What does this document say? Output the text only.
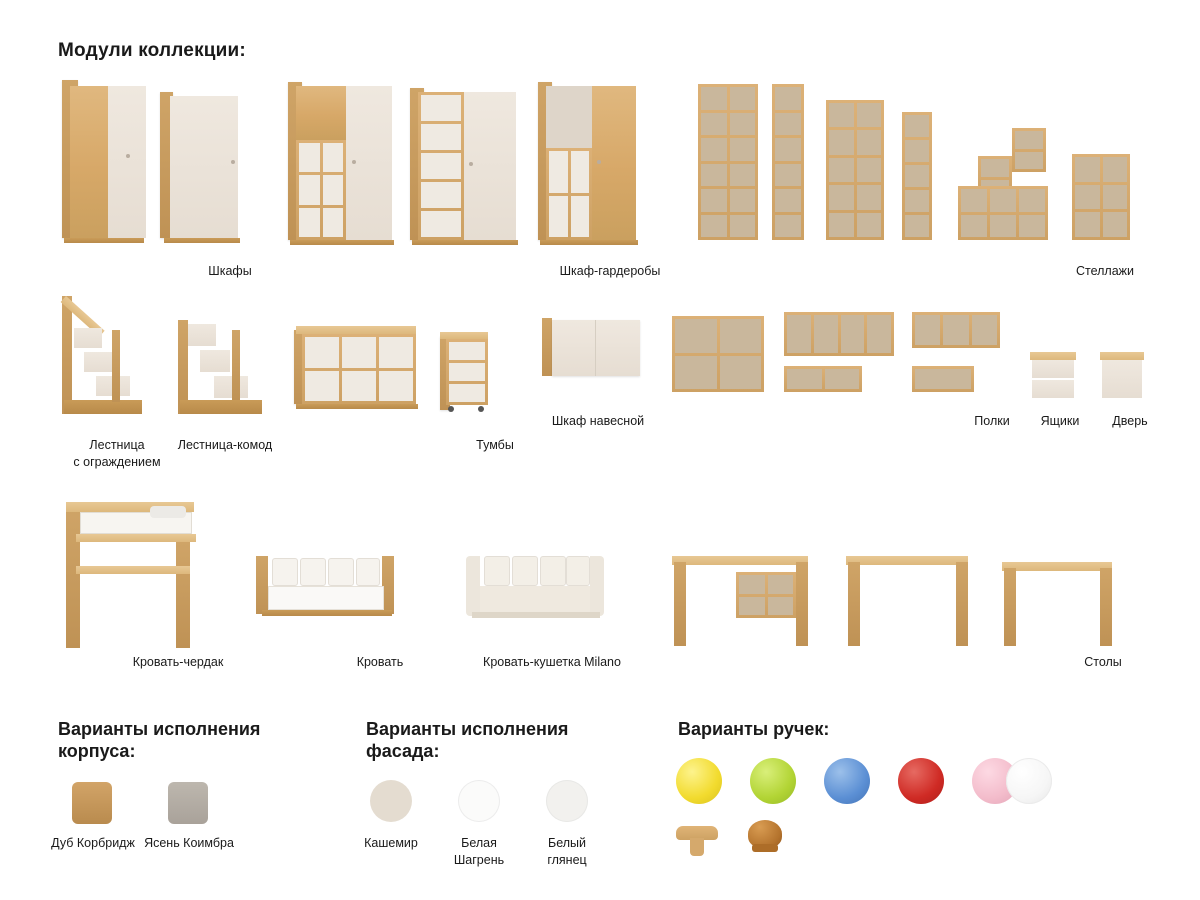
Модули коллекции:
Шкафы	Шкаф-гардеробы	Стеллажи
Лестница
с ограждением
Лестница-комод	Тумбы
Шкаф навесной	Полки	Ящики	Дверь
Кровать-чердак	Кровать	Кровать-кушетка Milano	Столы
Варианты исполнения
корпуса:
Дуб Корбридж Ясень Коимбра
Варианты исполнения
фасада:
Кашемир	Белая
Шагрень
Белый
глянец
Варианты ручек:
